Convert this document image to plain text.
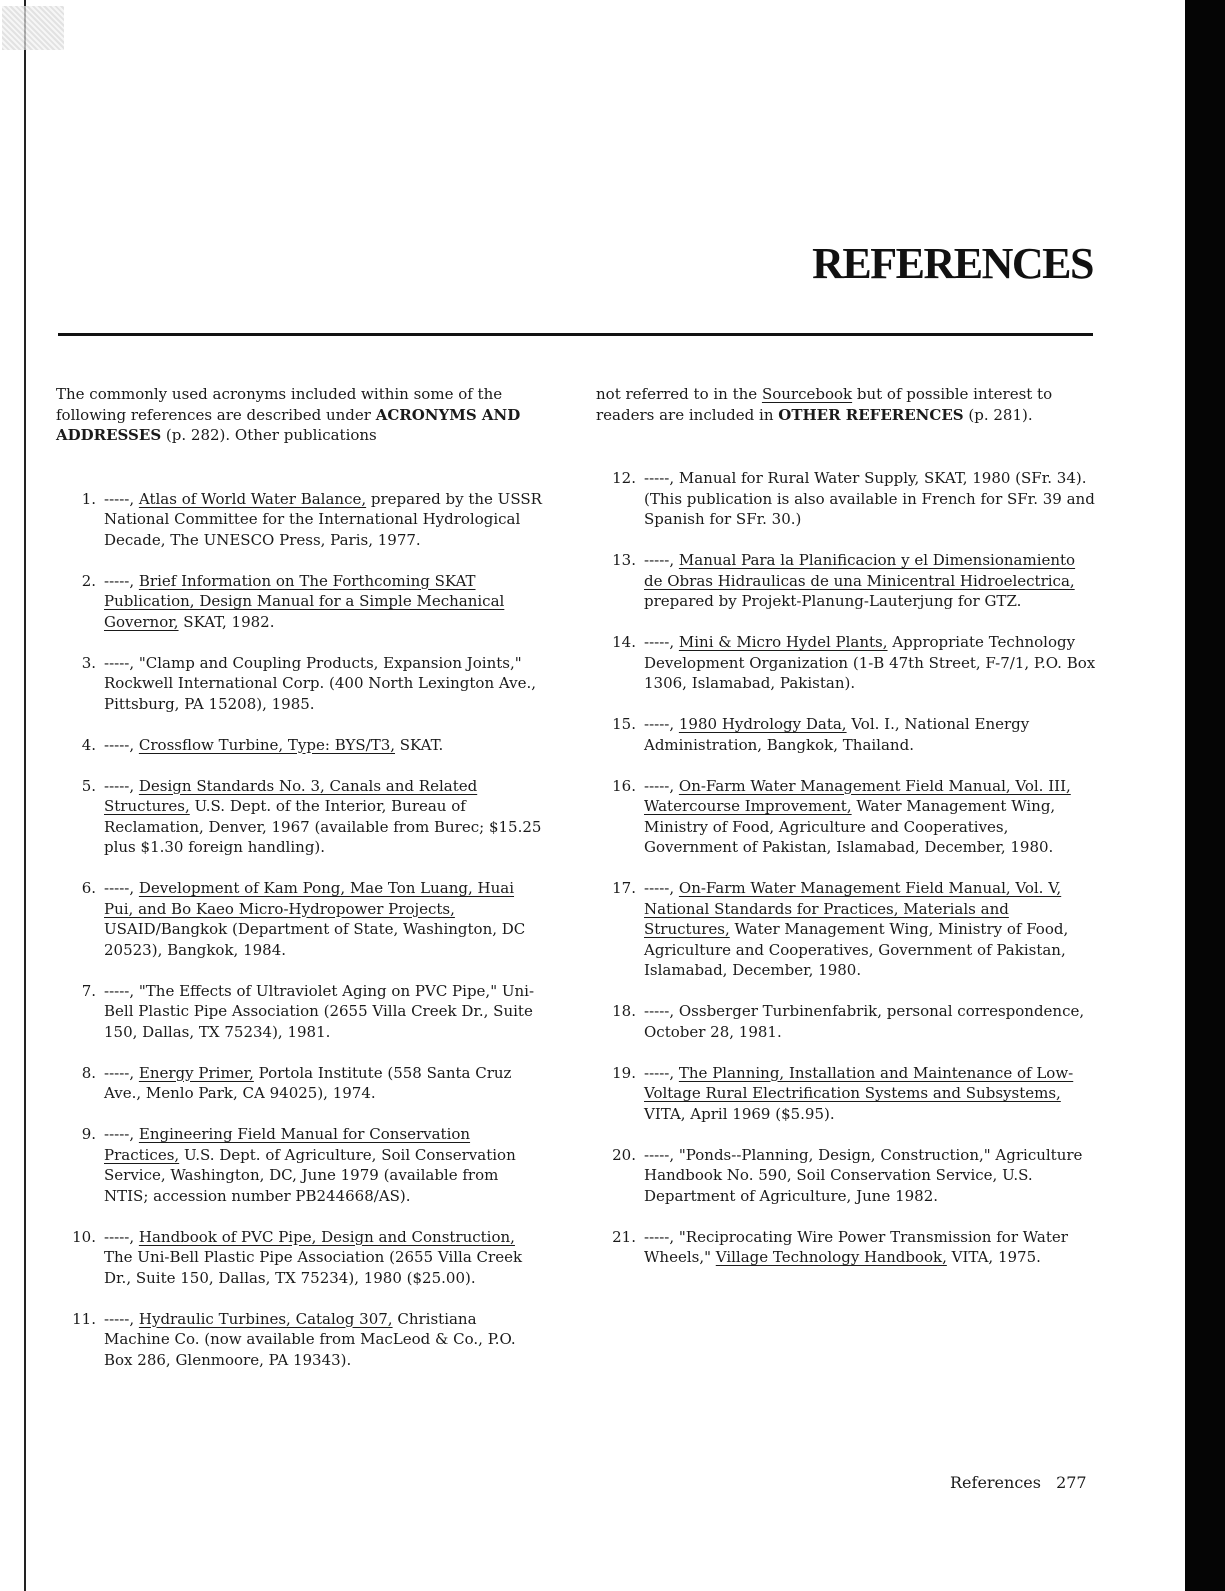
REFERENCES

The commonly used acronyms included within some of the following references are described under ACRONYMS AND ADDRESSES (p. 282). Other publications

1. -----, Atlas of World Water Balance, prepared by the USSR National Committee for the International Hydrological Decade, The UNESCO Press, Paris, 1977.
2. -----, Brief Information on The Forthcoming SKAT Publication, Design Manual for a Simple Mechanical Governor, SKAT, 1982.
3. -----, "Clamp and Coupling Products, Expansion Joints," Rockwell International Corp. (400 North Lexington Ave., Pittsburg, PA 15208), 1985.
4. -----, Crossflow Turbine, Type: BYS/T3, SKAT.
5. -----, Design Standards No. 3, Canals and Related Structures, U.S. Dept. of the Interior, Bureau of Reclamation, Denver, 1967 (available from Burec; $15.25 plus $1.30 foreign handling).
6. -----, Development of Kam Pong, Mae Ton Luang, Huai Pui, and Bo Kaeo Micro-Hydropower Projects, USAID/Bangkok (Department of State, Washington, DC 20523), Bangkok, 1984.
7. -----, "The Effects of Ultraviolet Aging on PVC Pipe," Uni-Bell Plastic Pipe Association (2655 Villa Creek Dr., Suite 150, Dallas, TX 75234), 1981.
8. -----, Energy Primer, Portola Institute (558 Santa Cruz Ave., Menlo Park, CA 94025), 1974.
9. -----, Engineering Field Manual for Conservation Practices, U.S. Dept. of Agriculture, Soil Conservation Service, Washington, DC, June 1979 (available from NTIS; accession number PB244668/AS).
10. -----, Handbook of PVC Pipe, Design and Construction, The Uni-Bell Plastic Pipe Association (2655 Villa Creek Dr., Suite 150, Dallas, TX 75234), 1980 ($25.00).
11. -----, Hydraulic Turbines, Catalog 307, Christiana Machine Co. (now available from MacLeod & Co., P.O. Box 286, Glenmoore, PA 19343).

not referred to in the Sourcebook but of possible interest to readers are included in OTHER REFERENCES (p. 281).

12. -----, Manual for Rural Water Supply, SKAT, 1980 (SFr. 34). (This publication is also available in French for SFr. 39 and Spanish for SFr. 30.)
13. -----, Manual Para la Planificacion y el Dimensionamiento de Obras Hidraulicas de una Minicentral Hidroelectrica, prepared by Projekt-Planung-Lauterjung for GTZ.
14. -----, Mini & Micro Hydel Plants, Appropriate Technology Development Organization (1-B 47th Street, F-7/1, P.O. Box 1306, Islamabad, Pakistan).
15. -----, 1980 Hydrology Data, Vol. I., National Energy Administration, Bangkok, Thailand.
16. -----, On-Farm Water Management Field Manual, Vol. III, Watercourse Improvement, Water Management Wing, Ministry of Food, Agriculture and Cooperatives, Government of Pakistan, Islamabad, December, 1980.
17. -----, On-Farm Water Management Field Manual, Vol. V, National Standards for Practices, Materials and Structures, Water Management Wing, Ministry of Food, Agriculture and Cooperatives, Government of Pakistan, Islamabad, December, 1980.
18. -----, Ossberger Turbinenfabrik, personal correspondence, October 28, 1981.
19. -----, The Planning, Installation and Maintenance of Low-Voltage Rural Electrification Systems and Subsystems, VITA, April 1969 ($5.95).
20. -----, "Ponds--Planning, Design, Construction," Agriculture Handbook No. 590, Soil Conservation Service, U.S. Department of Agriculture, June 1982.
21. -----, "Reciprocating Wire Power Transmission for Water Wheels," Village Technology Handbook, VITA, 1975.
References 277
